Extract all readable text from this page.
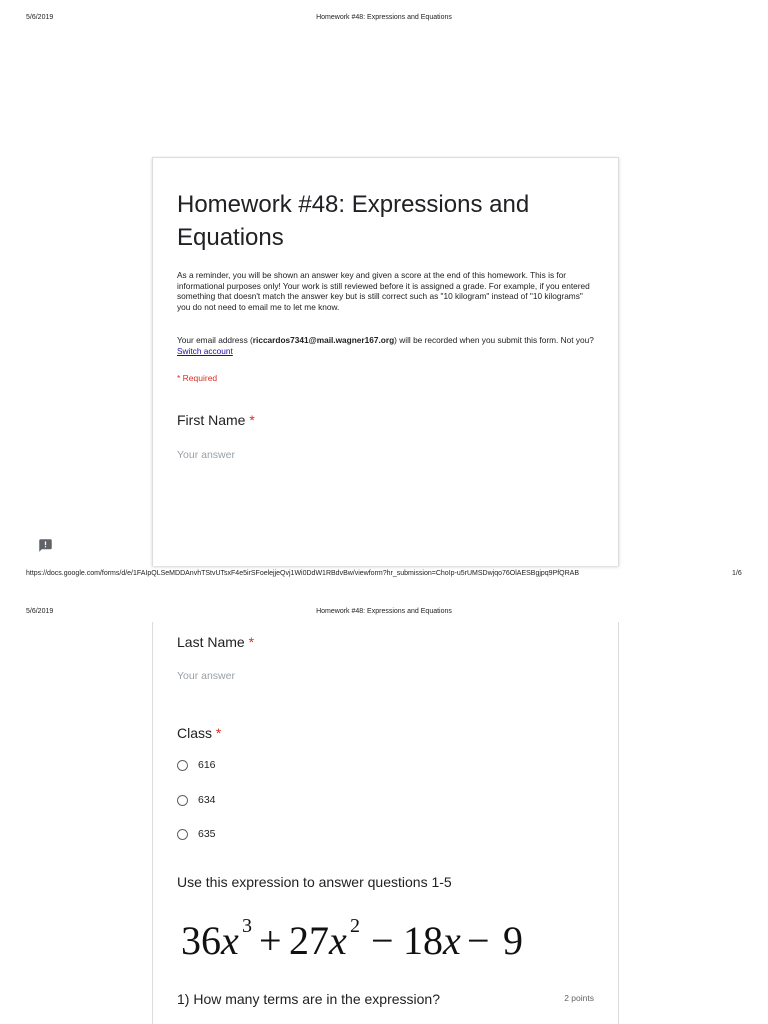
5/6/2019	Homework #48: Expressions and Equations
Homework #48: Expressions and Equations
As a reminder, you will be shown an answer key and given a score at the end of this homework. This is for informational purposes only! Your work is still reviewed before it is assigned a grade. For example, if you entered something that doesn't match the answer key but is still correct such as "10 kilogram" instead of "10 kilograms" you do not need to email me to let me know.
Your email address (riccardos7341@mail.wagner167.org) will be recorded when you submit this form. Not you? Switch account
* Required
First Name *
Your answer
https://docs.google.com/forms/d/e/1FAIpQLSeMDDAnvhTStvUTsxF4e5irSFoelejjeQvj1Wi0DdW1RBdvBw/viewform?hr_submission=ChoIp-u5rUMSDwjqo76OlAESBgjpq9PfQRAB	1/6
5/6/2019	Homework #48: Expressions and Equations
Last Name *
Your answer
Class *
616
634
635
Use this expression to answer questions 1-5
36 x 3 + 27 x 2 − 18 x − 9
1) How many terms are in the expression?	2 points
